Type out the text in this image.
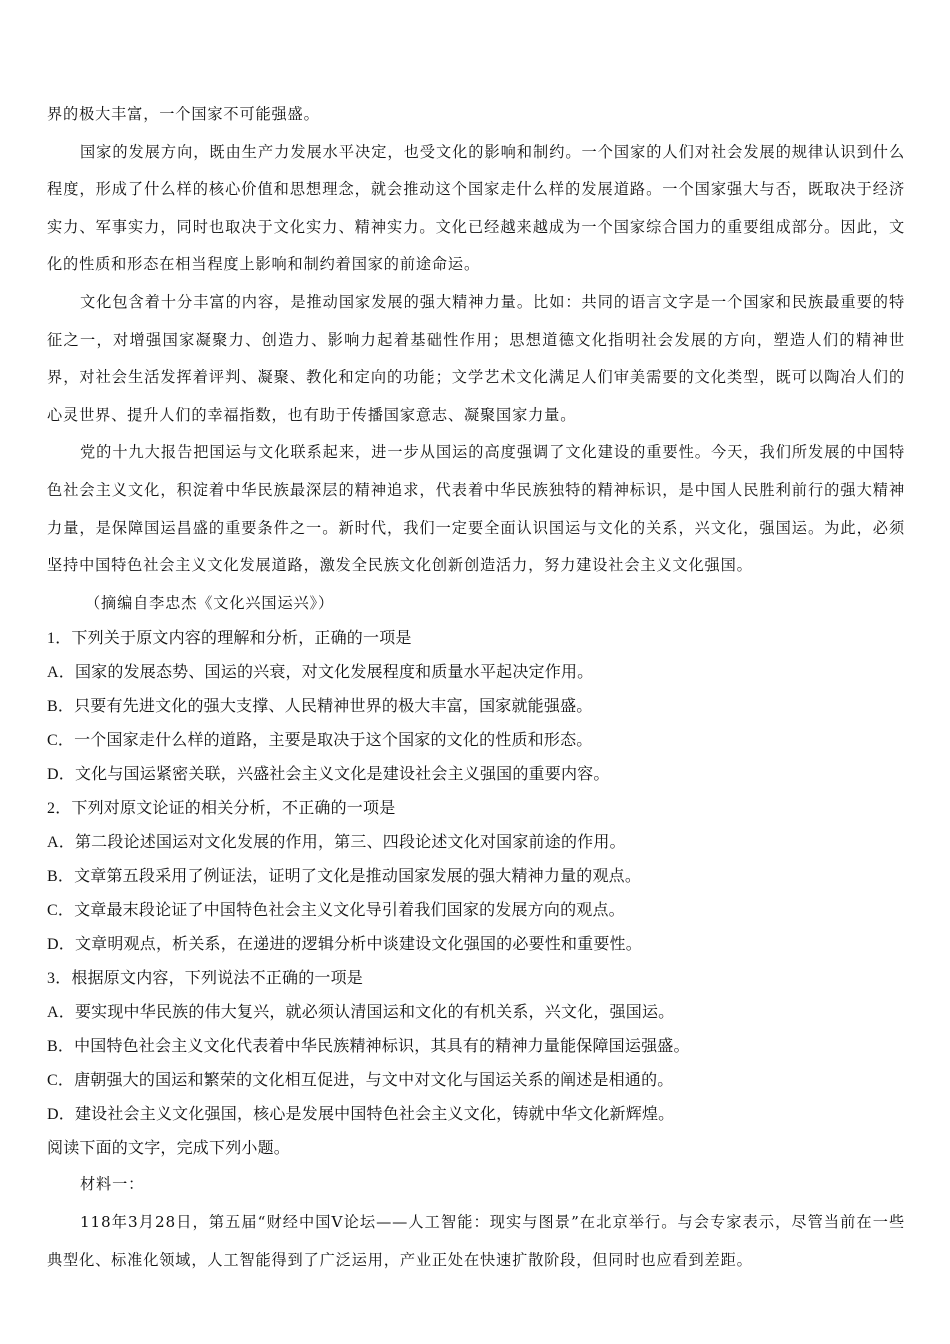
界的极大丰富，一个国家不可能强盛。

国家的发展方向，既由生产力发展水平决定，也受文化的影响和制约。一个国家的人们对社会发展的规律认识到什么程度，形成了什么样的核心价值和思想理念，就会推动这个国家走什么样的发展道路。一个国家强大与否，既取决于经济实力、军事实力，同时也取决于文化实力、精神实力。文化已经越来越成为一个国家综合国力的重要组成部分。因此，文化的性质和形态在相当程度上影响和制约着国家的前途命运。

文化包含着十分丰富的内容，是推动国家发展的强大精神力量。比如：共同的语言文字是一个国家和民族最重要的特征之一，对增强国家凝聚力、创造力、影响力起着基础性作用；思想道德文化指明社会发展的方向，塑造人们的精神世界，对社会生活发挥着评判、凝聚、教化和定向的功能；文学艺术文化满足人们审美需要的文化类型，既可以陶冶人们的心灵世界、提升人们的幸福指数，也有助于传播国家意志、凝聚国家力量。

党的十九大报告把国运与文化联系起来，进一步从国运的高度强调了文化建设的重要性。今天，我们所发展的中国特色社会主义文化，积淀着中华民族最深层的精神追求，代表着中华民族独特的精神标识，是中国人民胜利前行的强大精神力量，是保障国运昌盛的重要条件之一。新时代，我们一定要全面认识国运与文化的关系，兴文化，强国运。为此，必须坚持中国特色社会主义文化发展道路，激发全民族文化创新创造活力，努力建设社会主义文化强国。

（摘编自李忠杰《文化兴国运兴》）

1．下列关于原文内容的理解和分析，正确的一项是

A．国家的发展态势、国运的兴衰，对文化发展程度和质量水平起决定作用。

B．只要有先进文化的强大支撑、人民精神世界的极大丰富，国家就能强盛。

C．一个国家走什么样的道路，主要是取决于这个国家的文化的性质和形态。

D．文化与国运紧密关联，兴盛社会主义文化是建设社会主义强国的重要内容。

2．下列对原文论证的相关分析，不正确的一项是

A．第二段论述国运对文化发展的作用，第三、四段论述文化对国家前途的作用。

B．文章第五段采用了例证法，证明了文化是推动国家发展的强大精神力量的观点。

C．文章最末段论证了中国特色社会主义文化导引着我们国家的发展方向的观点。

D．文章明观点，析关系，在递进的逻辑分析中谈建设文化强国的必要性和重要性。

3．根据原文内容，下列说法不正确的一项是

A．要实现中华民族的伟大复兴，就必须认清国运和文化的有机关系，兴文化，强国运。

B．中国特色社会主义文化代表着中华民族精神标识，其具有的精神力量能保障国运强盛。

C．唐朝强大的国运和繁荣的文化相互促进，与文中对文化与国运关系的阐述是相通的。

D．建设社会主义文化强国，核心是发展中国特色社会主义文化，铸就中华文化新辉煌。

阅读下面的文字，完成下列小题。

材料一：

118年3月28日，第五届“财经中国V论坛——人工智能：现实与图景”在北京举行。与会专家表示，尽管当前在一些典型化、标准化领域，人工智能得到了广泛运用，产业正处在快速扩散阶段，但同时也应看到差距。
